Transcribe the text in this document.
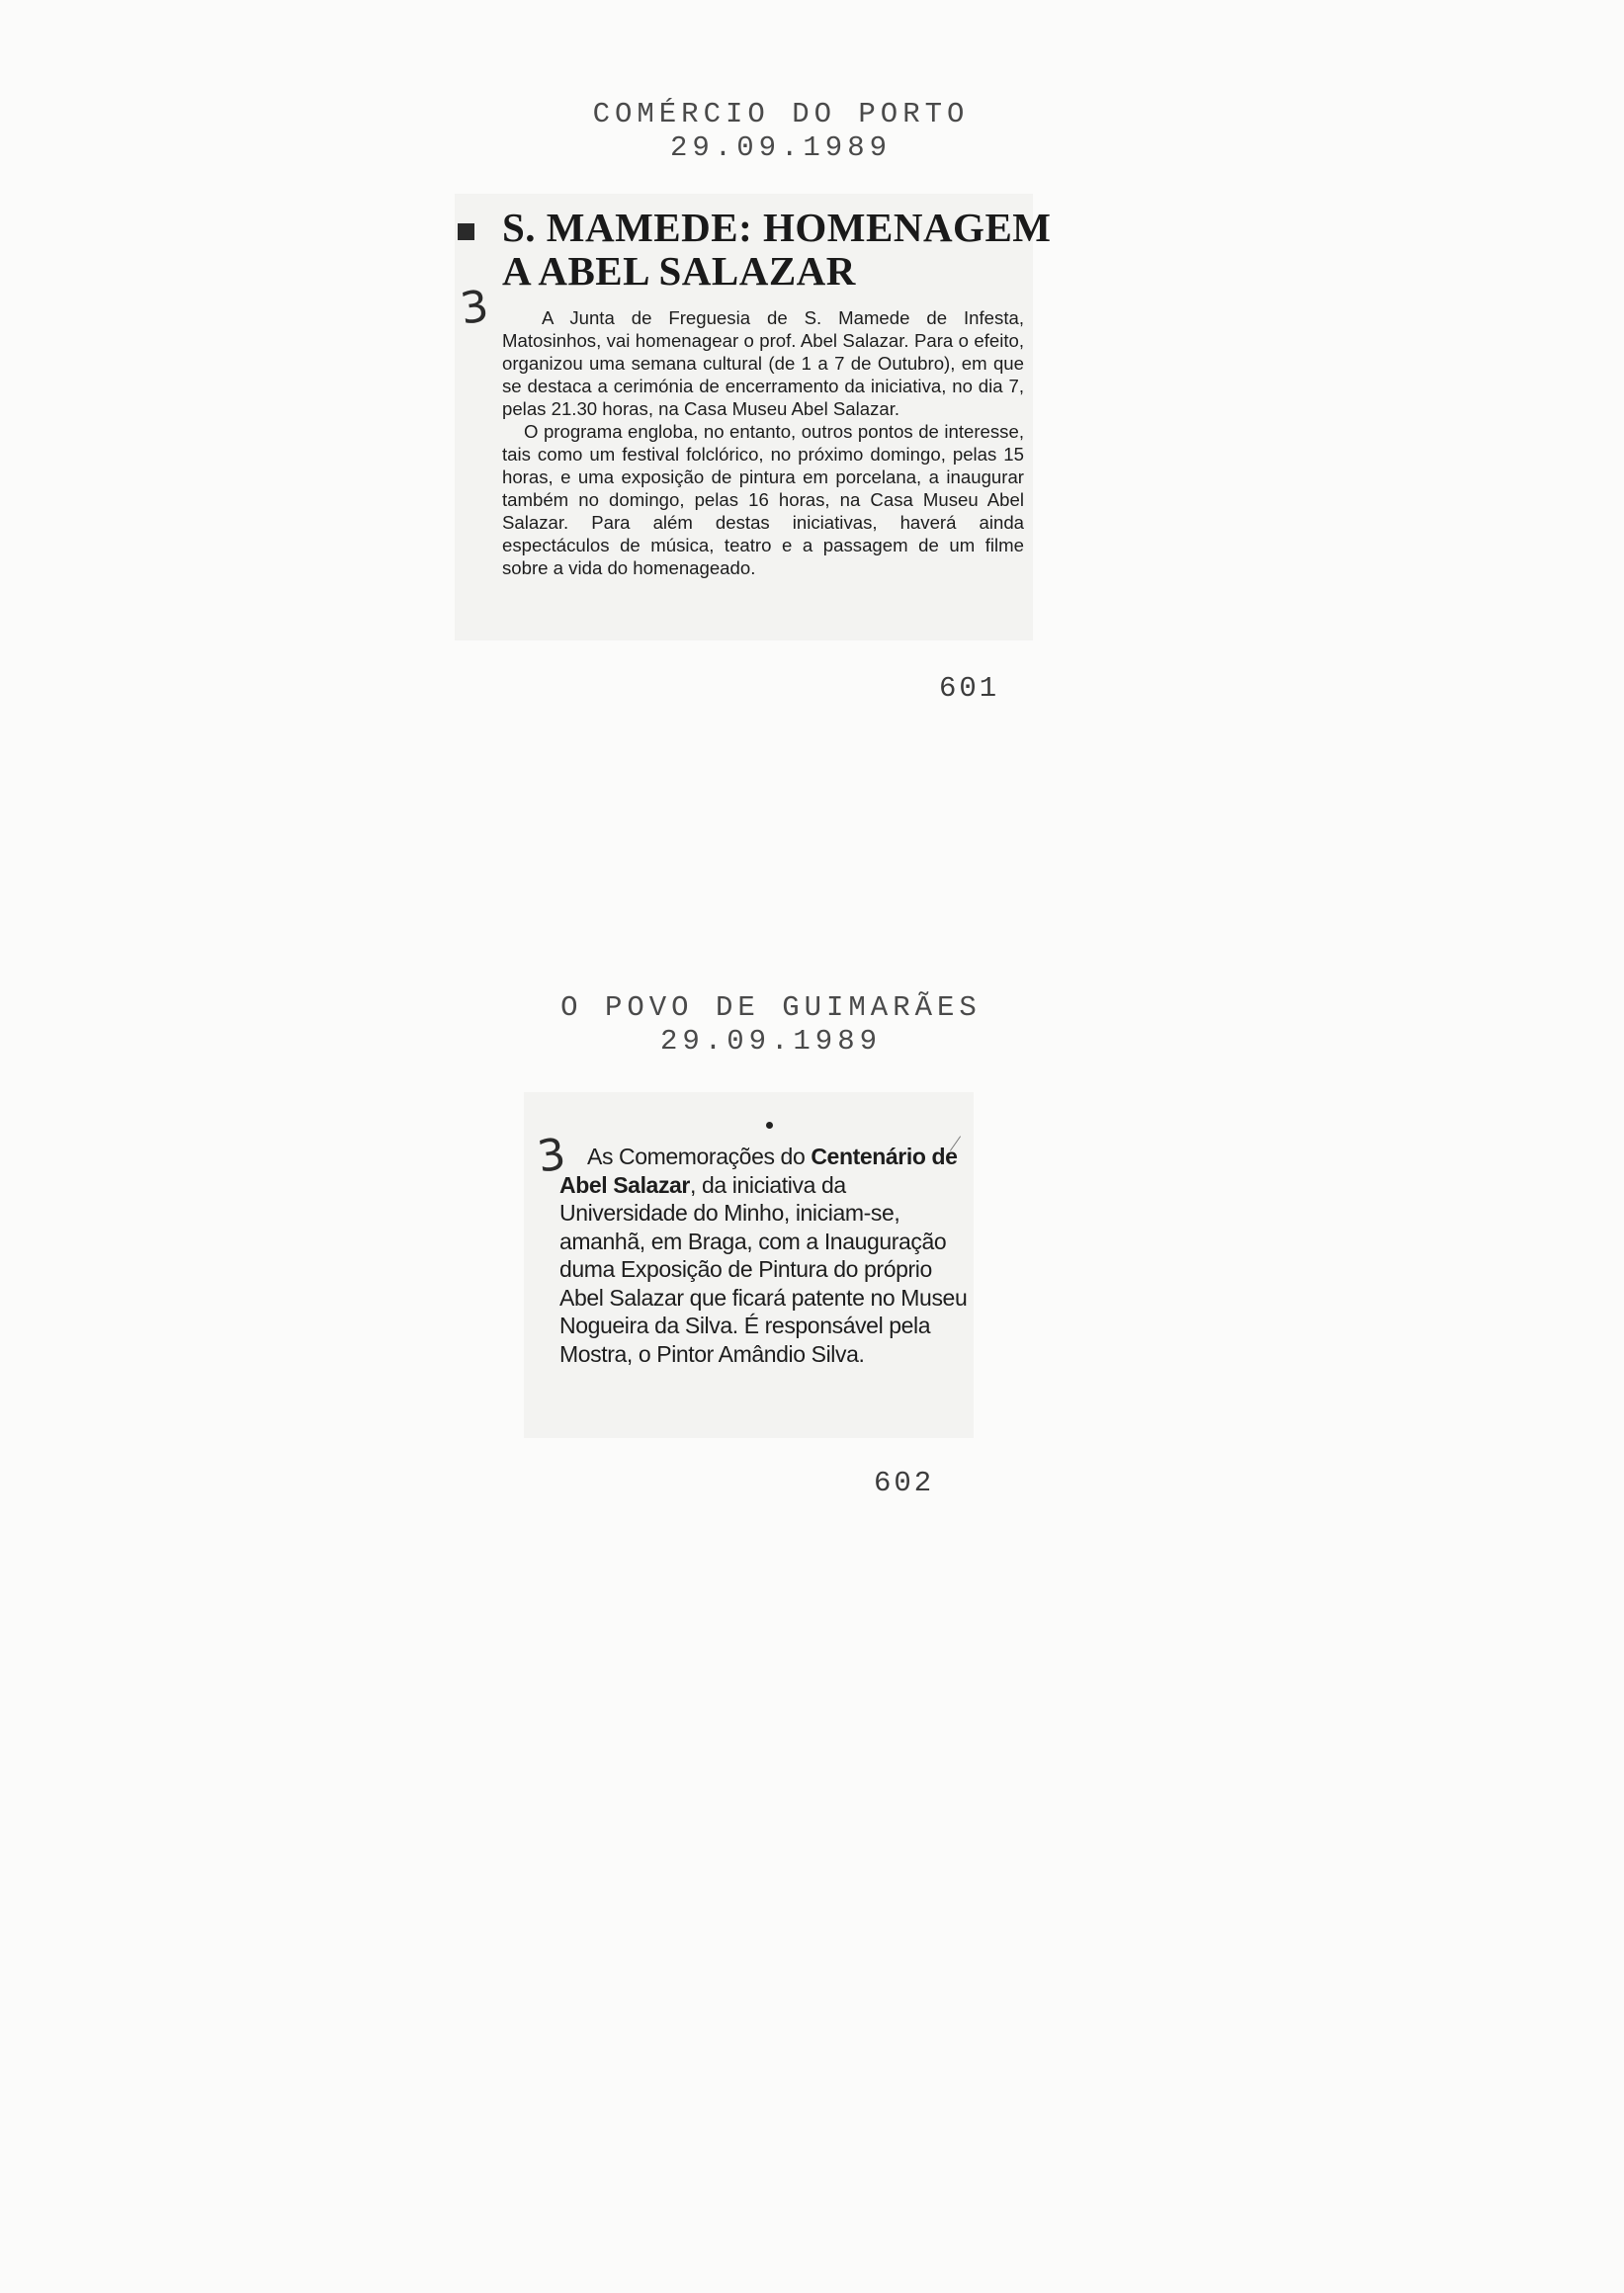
COMÉRCIO DO PORTO
29.09.1989
S. MAMEDE: HOMENAGEM
A ABEL SALAZAR
3	A Junta de Freguesia de S. Mamede de Infesta, Matosinhos, vai homenagear o prof. Abel Salazar. Para o efeito, organizou uma semana cultural (de 1 a 7 de Outubro), em que se destaca a cerimónia de encerramento da iniciativa, no dia 7, pelas 21.30 horas, na Casa Museu Abel Salazar.

O programa engloba, no entanto, outros pontos de interesse, tais como um festival folclórico, no próximo domingo, pelas 15 horas, e uma exposição de pintura em porcelana, a inaugurar também no domingo, pelas 16 horas, na Casa Museu Abel Salazar. Para além destas iniciativas, haverá ainda espectáculos de música, teatro e a passagem de um filme sobre a vida do homenageado.

601
O POVO DE GUIMARÃES
29.09.1989
3 As Comemorações do Centenário de Abel Salazar, da iniciativa da Universidade do Minho, iniciam-se, amanhã, em Braga, com a Inauguração duma Exposição de Pintura do próprio Abel Salazar que ficará patente no Museu Nogueira da Silva. É responsável pela Mostra, o Pintor Amândio Silva.

602
